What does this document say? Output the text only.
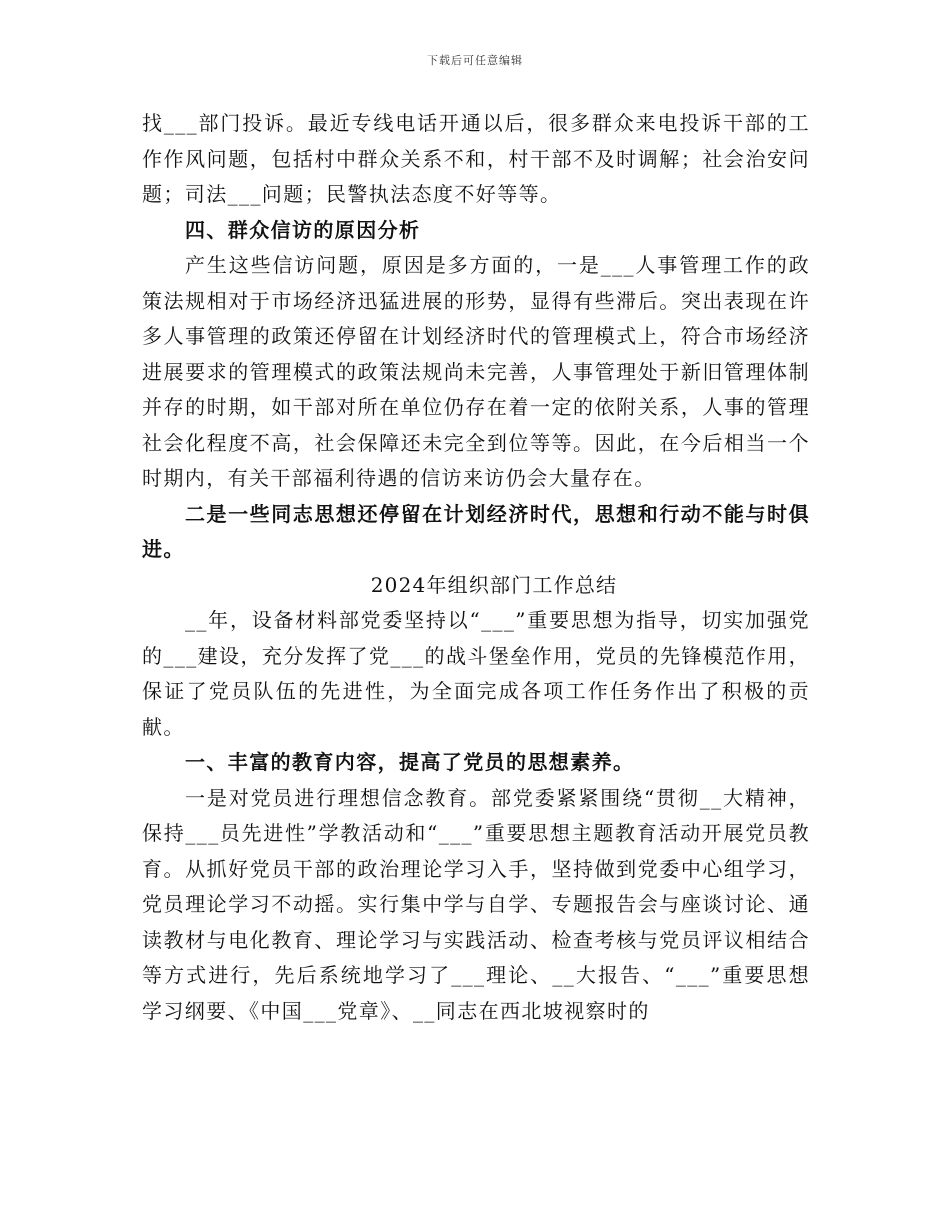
下载后可任意编辑

找___部门投诉。最近专线电话开通以后，很多群众来电投诉干部的工作作风问题，包括村中群众关系不和，村干部不及时调解；社会治安问题；司法___问题；民警执法态度不好等等。

四、群众信访的原因分析

产生这些信访问题，原因是多方面的，一是___人事管理工作的政策法规相对于市场经济迅猛进展的形势，显得有些滞后。突出表现在许多人事管理的政策还停留在计划经济时代的管理模式上，符合市场经济进展要求的管理模式的政策法规尚未完善，人事管理处于新旧管理体制并存的时期，如干部对所在单位仍存在着一定的依附关系，人事的管理社会化程度不高，社会保障还未完全到位等等。因此，在今后相当一个时期内，有关干部福利待遇的信访来访仍会大量存在。

二是一些同志思想还停留在计划经济时代，思想和行动不能与时俱进。

2024年组织部门工作总结

__年，设备材料部党委坚持以“___”重要思想为指导，切实加强党的___建设，充分发挥了党___的战斗堡垒作用，党员的先锋模范作用，保证了党员队伍的先进性，为全面完成各项工作任务作出了积极的贡献。

一、丰富的教育内容，提高了党员的思想素养。

一是对党员进行理想信念教育。部党委紧紧围绕“贯彻__大精神，保持___员先进性”学教活动和“___”重要思想主题教育活动开展党员教育。从抓好党员干部的政治理论学习入手，坚持做到党委中心组学习，党员理论学习不动摇。实行集中学与自学、专题报告会与座谈讨论、通读教材与电化教育、理论学习与实践活动、检查考核与党员评议相结合等方式进行，先后系统地学习了___理论、__大报告、“___”重要思想学习纲要、《中国___党章》、__同志在西北坡视察时的
